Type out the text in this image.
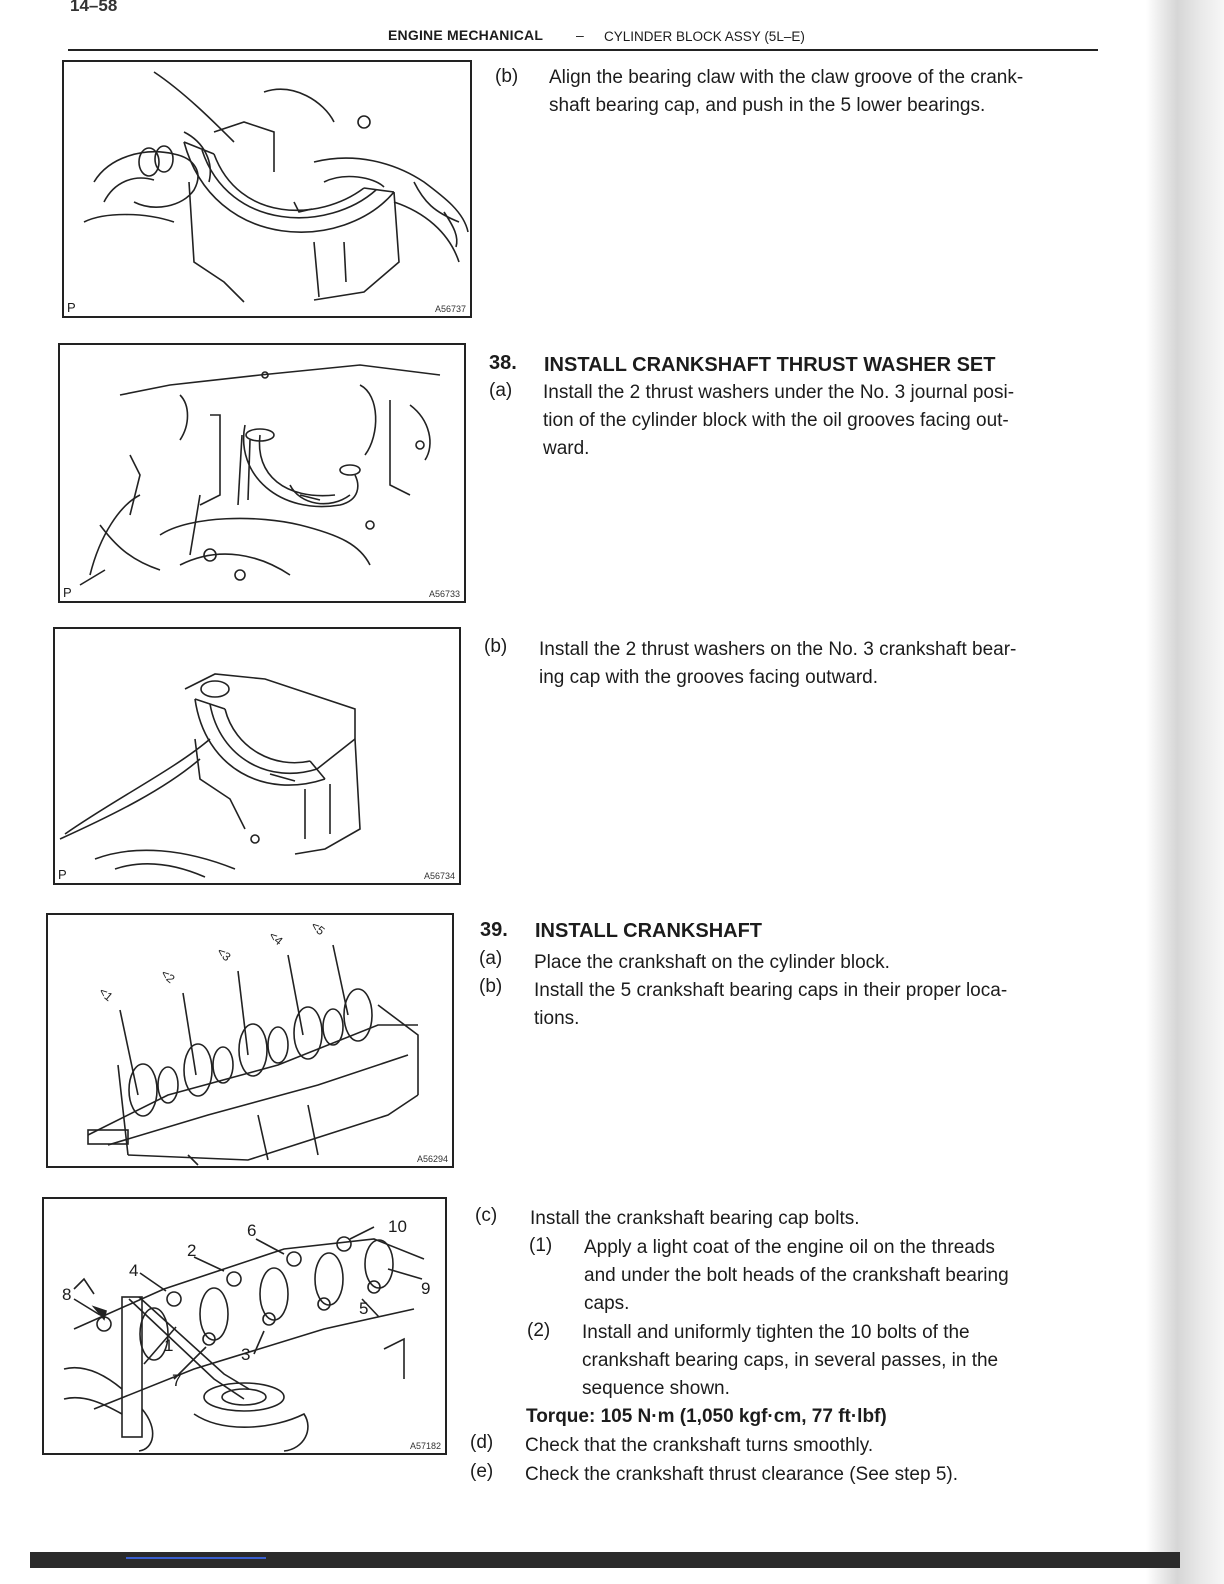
14–58
ENGINE MECHANICAL – CYLINDER BLOCK ASSY (5L–E)
P	A56737
P	A56733
P	A56734
<1
<2
<3
<4
<5
A56294
1
2
3
4
5
6
7
8	9
10
A57182
(b) Align the bearing claw with the claw groove of the crank-
shaft bearing cap, and push in the 5 lower bearings.
38. INSTALL CRANKSHAFT THRUST WASHER SET
(a) Install the 2 thrust washers under the No. 3 journal posi-
tion of the cylinder block with the oil grooves facing out-
ward.
(b) Install the 2 thrust washers on the No. 3 crankshaft bear-
ing cap with the grooves facing outward.
39. INSTALL CRANKSHAFT
(a) Place the crankshaft on the cylinder block.
(b) Install the 5 crankshaft bearing caps in their proper loca-
tions.
(c) Install the crankshaft bearing cap bolts.
(1) Apply a light coat of the engine oil on the threads
and under the bolt heads of the crankshaft bearing
caps.
(2) Install and uniformly tighten the 10 bolts of the
crankshaft bearing caps, in several passes, in the
sequence shown.
Torque: 105 N·m (1,050 kgf·cm, 77 ft·lbf)
(d) Check that the crankshaft turns smoothly.
(e) Check the crankshaft thrust clearance (See step 5).
